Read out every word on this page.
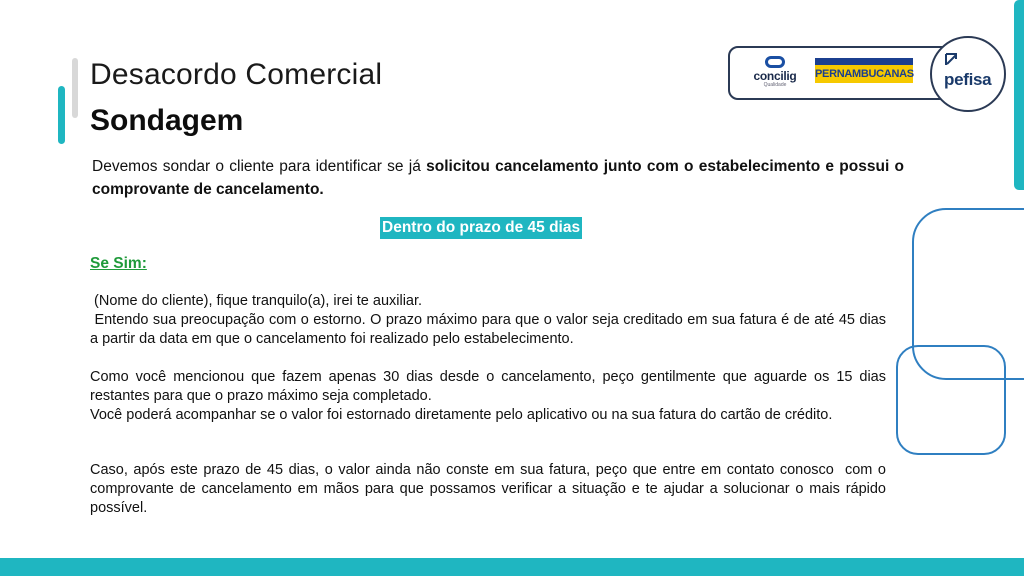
Desacordo Comercial
Sondagem
Devemos sondar o cliente para identificar se já solicitou cancelamento junto com o estabelecimento e possui o comprovante de cancelamento.
Dentro do prazo de 45 dias
Se Sim:
(Nome do cliente), fique tranquilo(a), irei te auxiliar.
Entendo sua preocupação com o estorno. O prazo máximo para que o valor seja creditado em sua fatura é de até 45 dias a partir da data em que o cancelamento foi realizado pelo estabelecimento.
Como você mencionou que fazem apenas 30 dias desde o cancelamento, peço gentilmente que aguarde os 15 dias restantes para que o prazo máximo seja completado.
Você poderá acompanhar se o valor foi estornado diretamente pelo aplicativo ou na sua fatura do cartão de crédito.
Caso, após este prazo de 45 dias, o valor ainda não conste em sua fatura, peço que entre em contato conosco  com o comprovante de cancelamento em mãos para que possamos verificar a situação e te ajudar a solucionar o mais rápido possível.
concilig
Qualidade
PERNAMBUCANAS pefisa
